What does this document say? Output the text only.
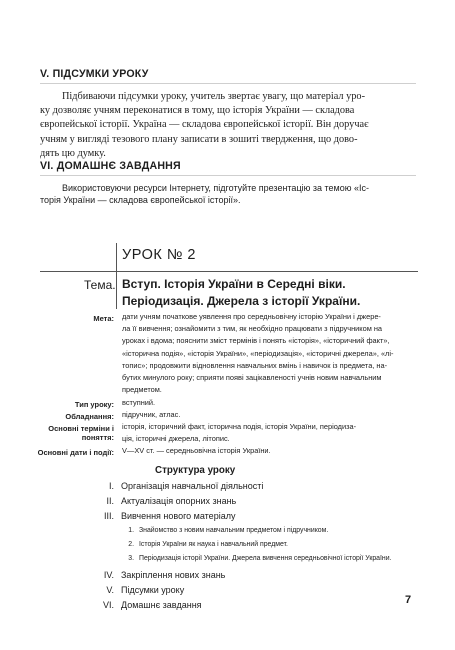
V. ПІДСУМКИ УРОКУ
Підбиваючи підсумки уроку, учитель звертає увагу, що матеріал уро-
ку дозволяє учням переконатися в тому, що історія України — складова
європейської історії. Україна — складова європейської історії. Він доручає
учням у вигляді тезового плану записати в зошиті твердження, що дово-
дять цю думку.
VI. ДОМАШНЄ ЗАВДАННЯ
Використовуючи ресурси Інтернету, підготуйте презентацію за темою «Іс-
торія України — складова європейської історії».
УРОК № 2
Тема. Вступ. Історія України в Середні віки.
Періодизація. Джерела з історії України.
Мета: дати учням початкове уявлення про середньовічну історію України і джере-
ла її вивчення; ознайомити з тим, як необхідно працювати з підручником на
уроках і вдома; пояснити зміст термінів і понять «історія», «історичний факт»,
«історична подія», «історія України», «періодизація», «історичні джерела», «лі-
топис»; продовжити відновлення навчальних вмінь і навичок із предмета, на-
бутих минулого року; сприяти появі зацікавленості учнів новим навчальним
предметом.
Тип уроку: вступний.
Обладнання: підручник, атлас.
Основні терміни і поняття:
історія, історичний факт, історична подія, історія України, періодиза-
ція, історичні джерела, літопис.
Основні дати і події: V—XV ст. — середньовічна історія України.
Структура уроку
I. Організація навчальної діяльності
II. Актуалізація опорних знань
III. Вивчення нового матеріалу
1. Знайомство з новим навчальним предметом і підручником.
2. Історія України як наука і навчальний предмет.
3. Періодизація історії України. Джерела вивчення середньовічної історії України.
IV. Закріплення нових знань
V. Підсумки уроку
VI. Домашнє завдання	7
